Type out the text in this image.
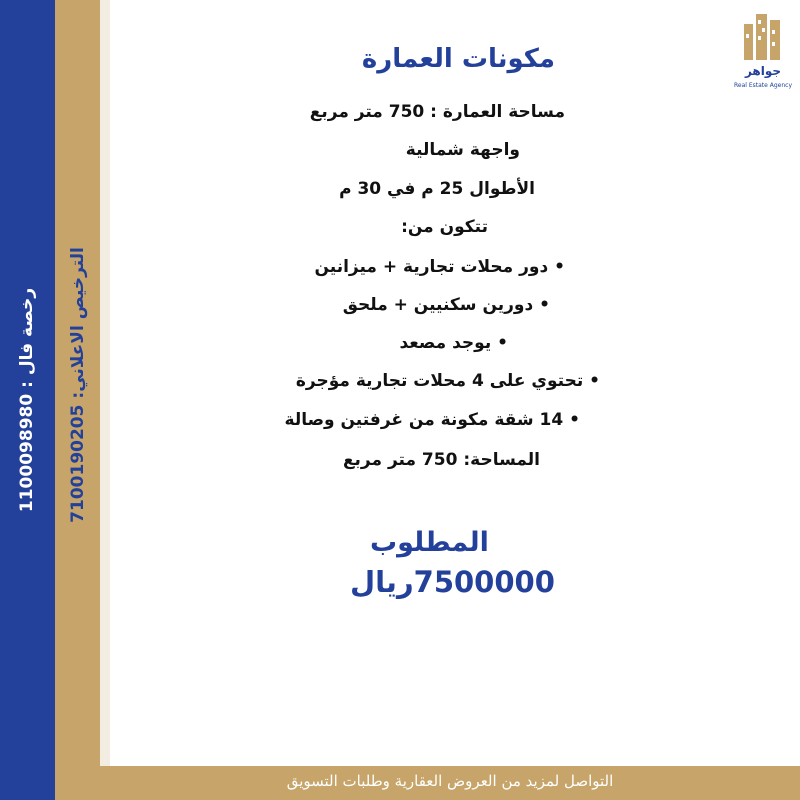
رخصة فال : 1100098980
الترخيص الاعلاني: 7100190205
جواهر
Real Estate Agency
مكونات العمارة
مساحة العمارة : 750 متر مربع
واجهة شمالية
الأطوال 25 م في 30 م
تتكون من:
• دور محلات تجارية + ميزانين
• دورين سكنيين + ملحق
• يوجد مصعد
• تحتوي على 4 محلات تجارية مؤجرة
• 14 شقة مكونة من غرفتين وصالة
المساحة: 750 متر مربع
المطلوب
7500000ريال
التواصل لمزيد من العروض العقارية وطلبات التسويق
